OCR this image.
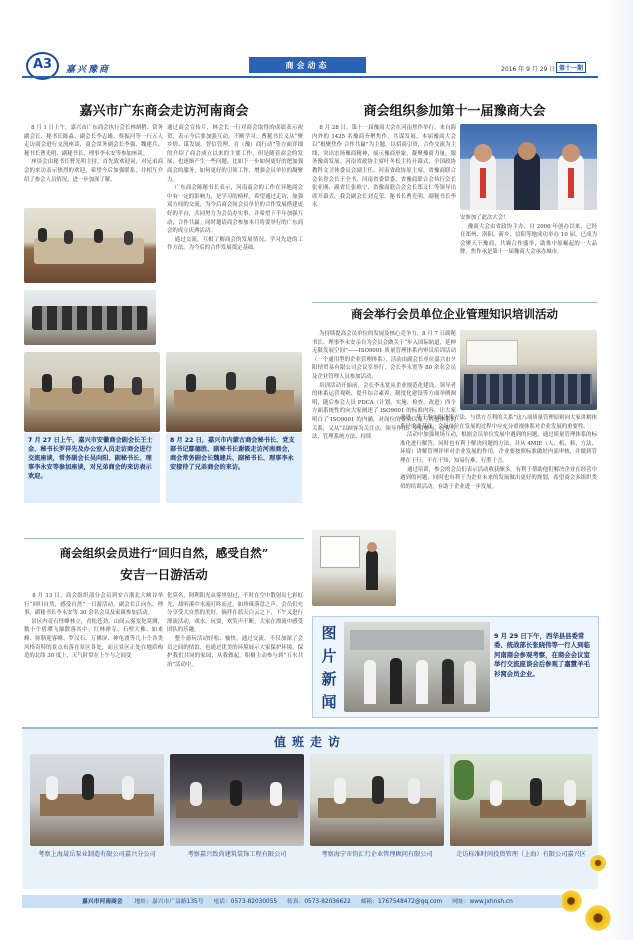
A3	嘉兴豫商	商会动态	2016 年 9 月 29 日 第十一期
嘉兴市广东商会走访河南商会
8 月 1 日上午，嘉兴市广东商会执行会长林炳稍、常务副会长、秘书长陈淼、副会长李志雄、蔡振河等一行五人走访商会进行交流座谈，商会常务副会长李强、魏建兵、秘书长曹光明、副秘书长、理事李永安等参加座谈。
座谈会由秘书长曹光明主持，首先致欢迎词，对兄弟商会的来访表示热烈的欢迎，希望今后加强联系，并相互介绍了参会人员情况，进一步加深了解。
通过商会宣传片，林会长一行对商会取得的成绩表示祝贺，表示今后要加强互动，不断学习。曹秘书长又从“聚乡情、谋发展、智信管理、育（豫）商行动”等方面详细的介绍了商会成立以来的主要工作，但是随着商会的发展，也逐渐产生一些问题，比如下一步如何更好的把加强商会的服务，如何更好的引领工作，增强会员单位的凝聚力。
广东商会陈秘书长表示，河南商会的工作在异地商会中有一定的影响力，是学习的榜样，希望通过走访，加强双方间的交流，为今后商会间会员单位的合作发展搭建更好的平台，共同努力为会员办实事，并希望下半年加强互动，合作共赢。同时邀请商会参加本月将要举行的广东商会的成立庆典活动。
通过交流，互相了解商会的发展情况，学习先进的工作方法，为今后的合作发展奠定基础。
7 月 27 日上午，嘉兴市安徽商会副会长王士金、秘书长罗祥先及办公室人员走访商会进行交流座谈，常务副会长吴向阳、副秘书长、理事李永安等参加座谈，对兄弟商会的来访表示欢迎。
8 月 22 日，嘉兴市内蒙古商会秘书长、党支部书记鄢德胜、副秘书长谢筱走访河南商会，商会常务副会长魏建兵、副秘书长、理事李永安接待了兄弟商会的来访。
商会组织会员进行“回归自然，感受自然”
安吉一日游活动
8 月 13 日，商会组织部分会员到安吉浙北大峡谷举行“回归自然，感受自然”一日游活动，副会长江向东、理事、副秘书长李永安等 30 余名会员及家属参加活动。
景区内奇石怪峰林立，青松苍劲，山间云雾变化莫测，数十个碧潭飞瀑散落其中；红林禅寺、石壁大佛、如来峰、弥勒迎客峰、罗汉石、万佛屏、神龟渡等几十个各类风格奇特的景点布落在景区各处，而且景区正处在地质构造的北纬 30 度上，天气时常在上午与之间变
化莫名，阿利阳光从雾里射过，不时在空中散射出七彩虹光，却听溪中水流叮咚而过，如珍珠落盘之声。会员们充分享受大自然的美好，摘拌在蓝天白云之下，下午又进行漂流活动，戏水、玩耍，欢笑声不断，大家在漂流中感受团队的乐趣。
整个游玩活动轻松、愉快，通过交流，不仅加深了会员之间的情谊，也通过优美的环境展示大家保护环境，保护我们共同的家园，从我做起，积极主动参与到“五水共治”活动中。
商会组织参加第十一届豫商大会
8 月 28 日，第十一届豫商大会在河南焦作举行，来自海内外的 1425 名豫商齐聚焦作，共谋发展。本届豫商大会以“根聚焦作 合作共赢”为主题，以招商引资，合作交流为主线，突出宏扬豫商精神，展示豫商形象，凝聚豫商力量，服务豫商发展。河南省政协主席叶冬松主持开幕式，全国政协教科文卫体委员会副主任、河南省政协原主席、省豫商联合会名誉会长王全书，河南省委常委、省豫商联合会执行会长张亚刚、副省长张维宁、省豫商联合会会长郑义仁等领导出席开幕式。我会副会长刘克荣、秘书长曹光明、副秘书长李永
安参加了此次大会！
豫商大会由省政协主办，自 2006 年创办以来，已经在郑州、洛阳、新乡、信阳等地成功举办 10 届，已成为会聚天下豫商，共襄合作盛举，助推中原崛起的一大品牌，焦作承是第十一届豫商大会承办城市。
商会举行会员单位企业管理知识培训活动
为持续提高会员单位的发展及核心竞争力，8 月 7 日副秘书长、理事李永安亲自为会员会做关于“步入国际轨道，延伸无限发展空间”——ISO9001 质量管理体系内审员培训活动（一个通用型的企业管理体系），活动由副会长单位嘉兴市夕阳情贸易有限公司会议室举行，会长李永宽等 80 余名会员及企业管理人员参加活动。
培训活动开始前，会长李永宽从企业规范化建设、领导者的体系运营观则、提升综合素养、制度化建设等方面举例阐明，随后参会人员 PDCA（计划、实施、检查、改进）四个方面系统性的向大家阐述了 ISO9001 的标准内容，让大家明白了 ISO9001 的内涵，对岗位的要求以及与其他体系的关系，又从“以顾客为关注点、领导作用、全员参与、过程方法、管理系统方法、持续
改进、基于事实的决策方法、与供方互利的关系”这八项质量管理原则向大家讲解体系是重要基础，会员单位在发展的过程中应充分重视体系对企业发展的重要性。
活动中加强现场互动，根据会员单位发展中遇到的问题，通过质量管理体系的标准化进行解答，同时也有利于解决问题的方法，并从 4MIE（人、机、料、方法、环境）讲解管理评审对企业发展的作用，企业要按照标准做好内部审核，并做到管理在于行，不在于知，知易行难，行胜于言。
通过培训，参会的会员们表示活动收获颇多，有利于帮助他们解决企业在经营中遇到的问题，同时也有利于为企业未来的发展做出更好的规划，希望商会多组织类似的培训活动，有助于企业进一步发展。
图
片
新
闻
9 月 29 日下午，西华县县委常委、统战部长张晓伟等一行人到临河南商会参观考察，在商会会议室举行交流座谈会后参观了嘉慧羊毛衫窝会员企业。
值班走访
考察上海晟岳泵业制造有限公司嘉兴分公司	考察嘉兴致尚建筑装饰工程有限公司	考察海宁市钧汇行企业管理顾问有限公司	走访标准时间投资管理（上海）有限公司嘉兴区
嘉兴市河南商会 地址：嘉兴市广益路135号 电话：0573-82030055 传真：0573-82036622 邮箱：1767548472@qq.com 网址：www.jxhnsh.cn
